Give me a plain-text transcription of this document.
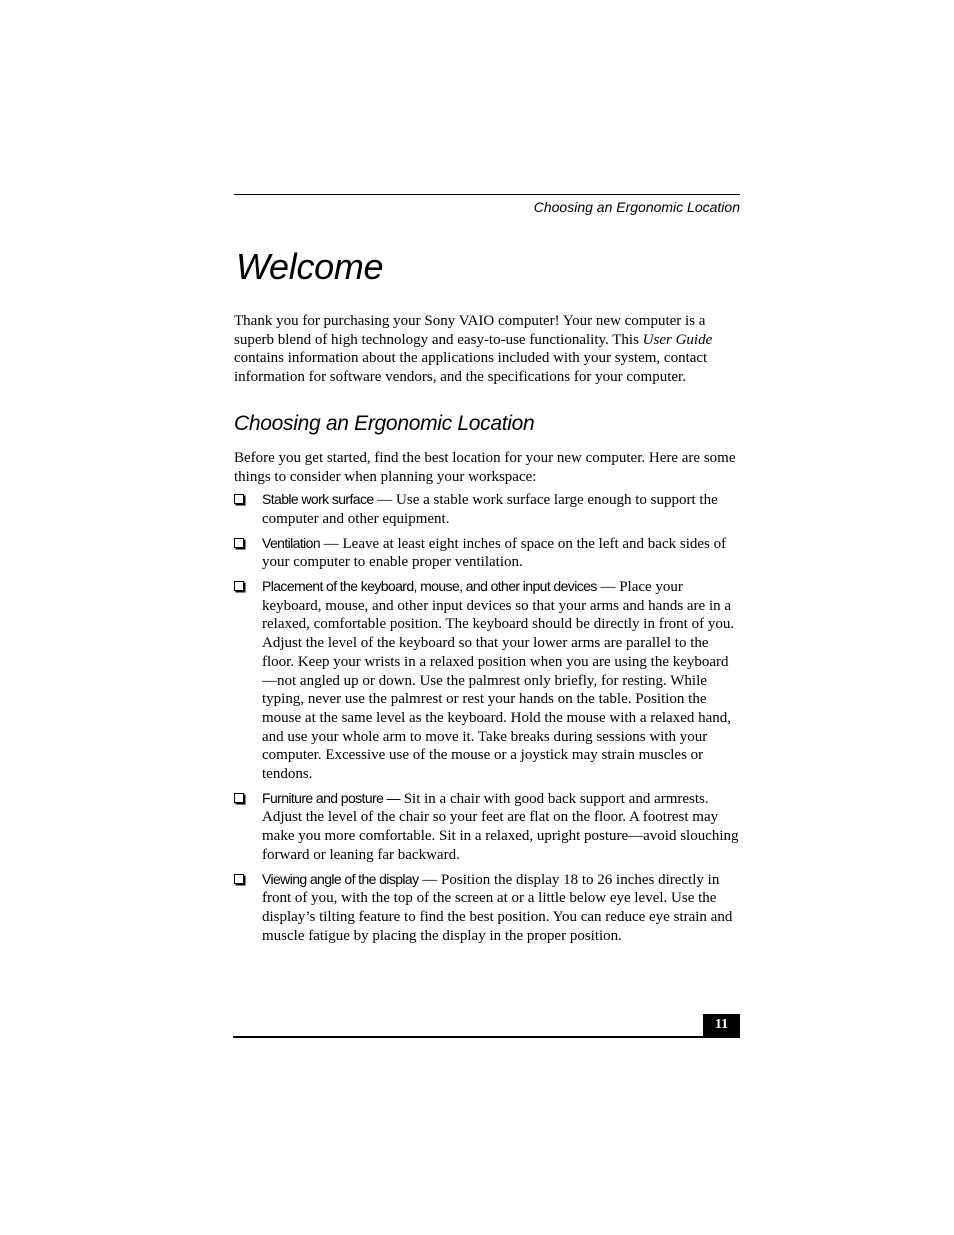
Choosing an Ergonomic Location
Welcome

Thank you for purchasing your Sony VAIO computer! Your new computer is a superb blend of high technology and easy-to-use functionality. This User Guide contains information about the applications included with your system, contact information for software vendors, and the specifications for your computer.

Choosing an Ergonomic Location

Before you get started, find the best location for your new computer. Here are some things to consider when planning your workspace:

Stable work surface — Use a stable work surface large enough to support the computer and other equipment.
Ventilation — Leave at least eight inches of space on the left and back sides of your computer to enable proper ventilation.
Placement of the keyboard, mouse, and other input devices — Place your keyboard, mouse, and other input devices so that your arms and hands are in a relaxed, comfortable position. The keyboard should be directly in front of you. Adjust the level of the keyboard so that your lower arms are parallel to the floor. Keep your wrists in a relaxed position when you are using the keyboard—not angled up or down. Use the palmrest only briefly, for resting. While typing, never use the palmrest or rest your hands on the table. Position the mouse at the same level as the keyboard. Hold the mouse with a relaxed hand, and use your whole arm to move it. Take breaks during sessions with your computer. Excessive use of the mouse or a joystick may strain muscles or tendons.
Furniture and posture — Sit in a chair with good back support and armrests. Adjust the level of the chair so your feet are flat on the floor. A footrest may make you more comfortable. Sit in a relaxed, upright posture—avoid slouching forward or leaning far backward.
Viewing angle of the display — Position the display 18 to 26 inches directly in front of you, with the top of the screen at or a little below eye level. Use the display’s tilting feature to find the best position. You can reduce eye strain and muscle fatigue by placing the display in the proper position.
11
